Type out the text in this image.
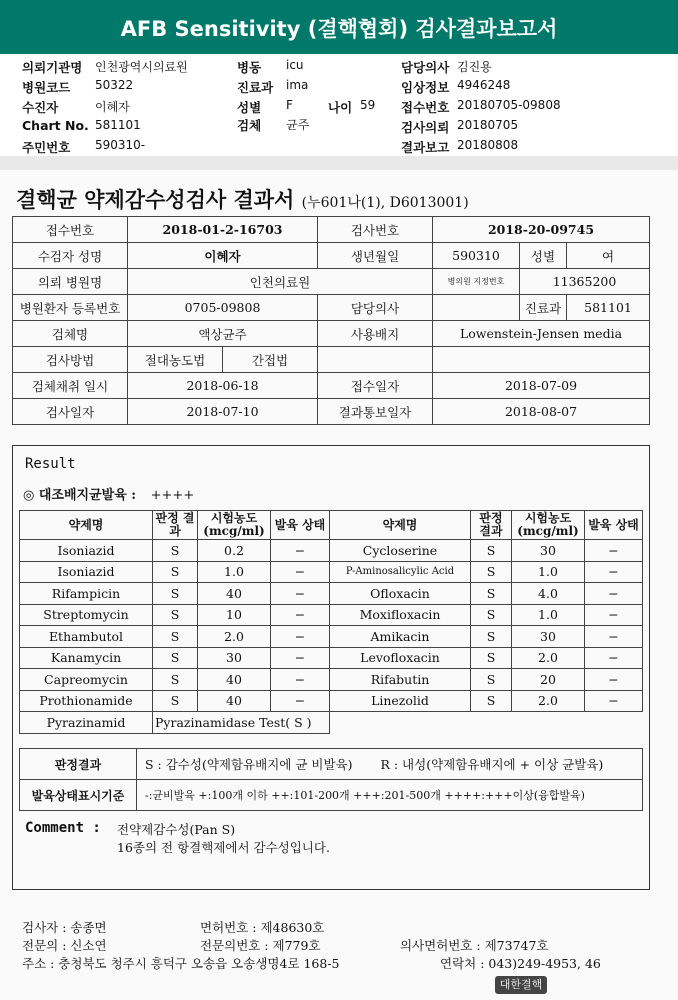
AFB Sensitivity (결핵협회) 검사결과보고서
의뢰기관명 인천광역시의료원	병동 icu	담당의사 김진용
병원코드 50322	진료과 ima	임상정보 4946248
수진자	이혜자	성별 F	나이 59 접수번호 20180705-09808
Chart No. 581101	검체 균주	검사의뢰 20180705
주민번호 590310-	결과보고 20180808
결핵균 약제감수성검사 결과서 (누601나(1), D6013001)
접수번호	2018-01-2-16703		검사번호	2018-20-09745		
수검자 성명	이혜자		생년월일	590310	성별	여
의뢰 병원명	인천의료원			병의원 지정번호	11365200	
병원환자 등록번호	0705-09808		담당의사		진료과	581101
검체명	액상균주		사용배지	Lowenstein-Jensen media		
검사방법	절대농도법	간접법				
검체채취 일시	2018-06-18		접수일자	2018-07-09		
검사일자	2018-07-10		결과통보일자	2018-08-07		
Result
◎ 대조배지균발육 : ++++
약제명	판정 결과	시험농도 (mcg/ml)	발육 상태	약제명	판정 결과	시험농도 (mcg/ml)	발육 상태
Isoniazid	S	0.2	−	Cycloserine	S	30	−
Isoniazid	S	1.0	−	P-Aminosalicylic Acid	S	1.0	−
Rifampicin	S	40	−	Ofloxacin	S	4.0	−
Streptomycin	S	10	−	Moxifloxacin	S	1.0	−
Ethambutol	S	2.0	−	Amikacin	S	30	−
Kanamycin	S	30	−	Levofloxacin	S	2.0	−
Capreomycin	S	40	−	Rifabutin	S	20	−
Prothionamide	S	40	−	Linezolid	S	2.0	−
Pyrazinamid	Pyrazinamidase Test( S )						
판정결과	S : 감수성(약제함유배지에 균 비발육) R : 내성(약제함유배지에 + 이상 균발육)
발육상태표시기준	-:균비발육 +:100개 이하 ++:101-200개 +++:201-500개 ++++:+++이상(융합발육)
Comment : 전약제감수성(Pan S)
16종의 전 항결핵제에서 감수성입니다.
검사자 : 송종면	면허번호 : 제48630호
전문의 : 신소연	전문의번호 : 제779호	의사면허번호 : 제73747호
주소 : 충청북도 청주시 흥덕구 오송읍 오송생명4로 168-5	연락처 : 043)249-4953, 46
대한결핵
